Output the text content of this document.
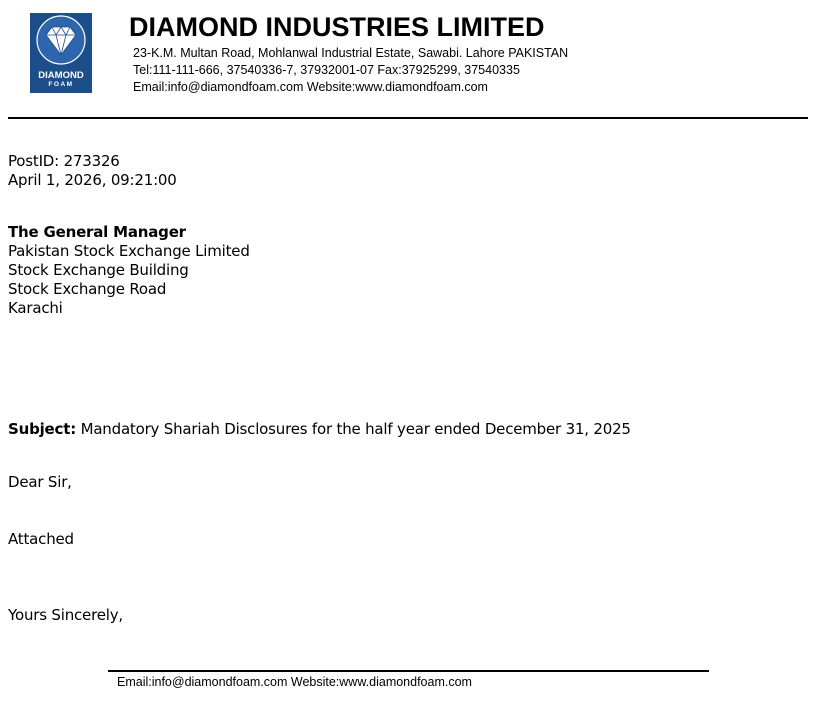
DIAMOND
FOAM
DIAMOND INDUSTRIES LIMITED
23-K.M. Multan Road, Mohlanwal Industrial Estate, Sawabi. Lahore PAKISTAN
Tel:111-111-666, 37540336-7, 37932001-07 Fax:37925299, 37540335
Email:info@diamondfoam.com Website:www.diamondfoam.com
PostID: 273326
April 1, 2026, 09:21:00
The General Manager
Pakistan Stock Exchange Limited
Stock Exchange Building
Stock Exchange Road
Karachi
Subject: Mandatory Shariah Disclosures for the half year ended December 31, 2025
Dear Sir,
Attached
Yours Sincerely,
Email:info@diamondfoam.com Website:www.diamondfoam.com
